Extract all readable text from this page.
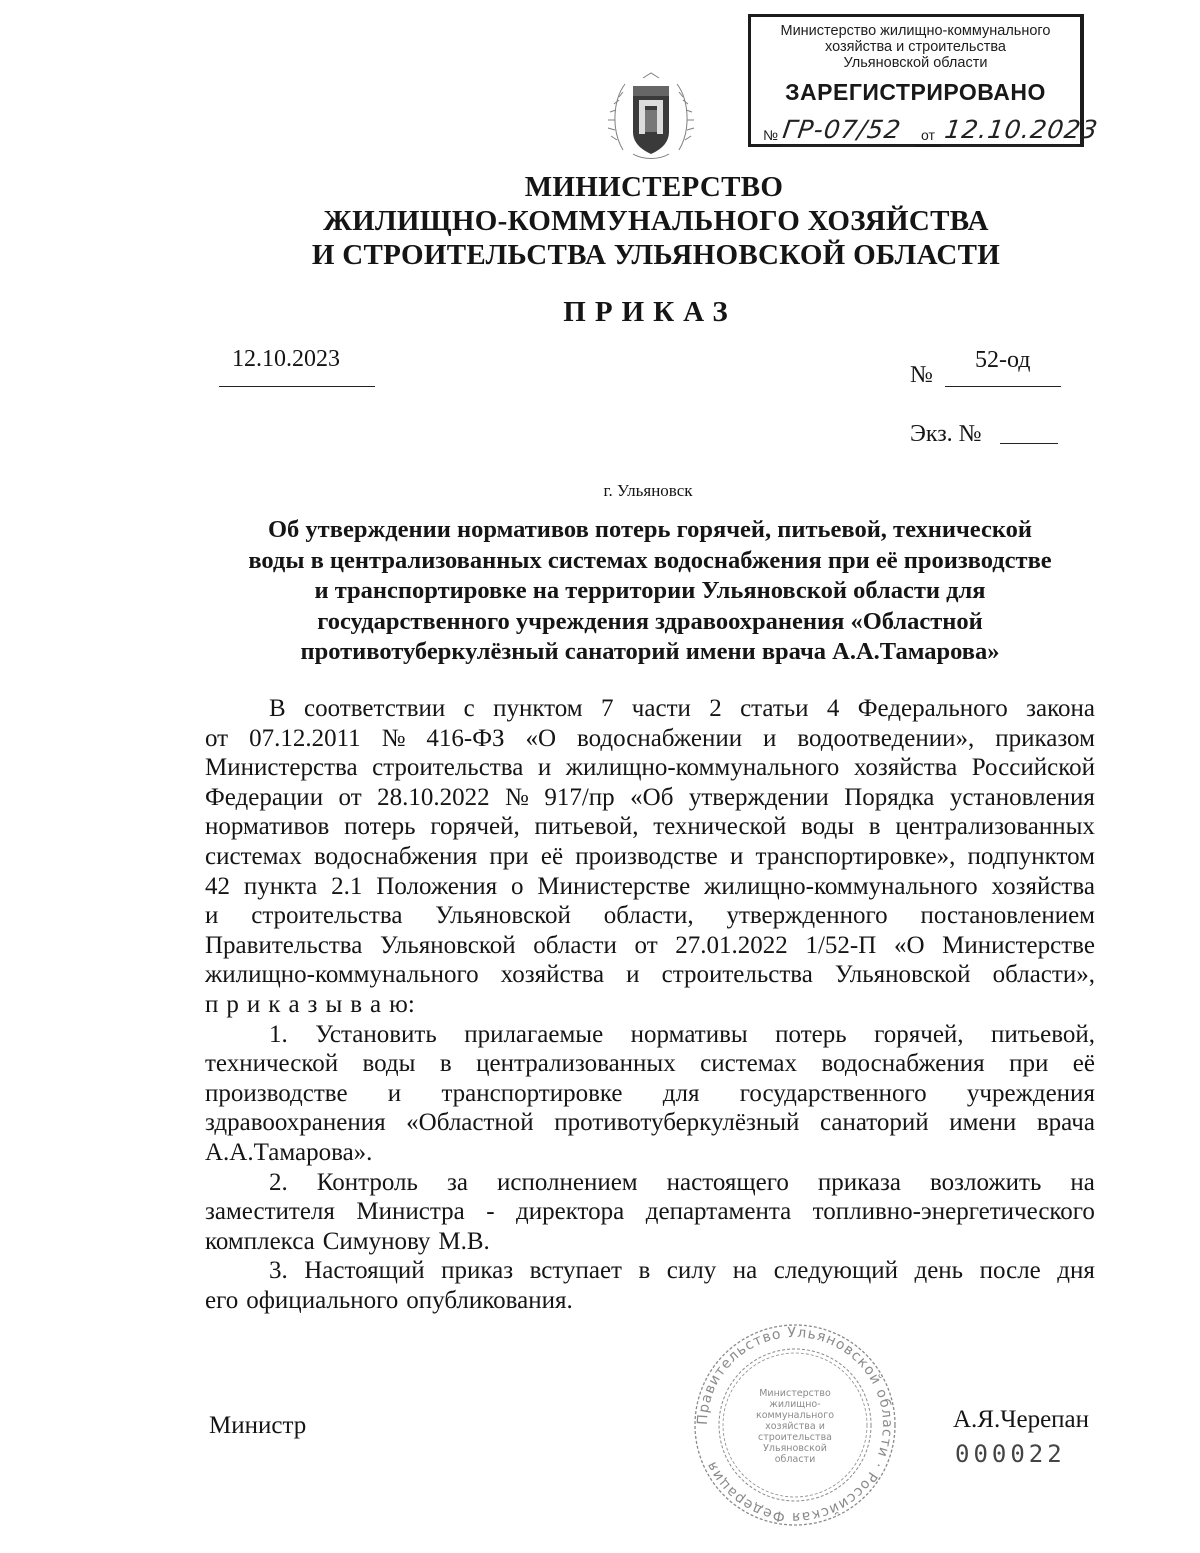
Министерство жилищно-коммунального
хозяйства и строительства
Ульяновской области
ЗАРЕГИСТРИРОВАНО
№ ГР-07/52 от 12.10.2023
МИНИСТЕРСТВО
ЖИЛИЩНО-КОММУНАЛЬНОГО ХОЗЯЙСТВА
И СТРОИТЕЛЬСТВА УЛЬЯНОВСКОЙ ОБЛАСТИ
ПРИКАЗ
12.10.2023
№
52-од
Экз. №
г. Ульяновск
Об утверждении нормативов потерь горячей, питьевой, технической
воды в централизованных системах водоснабжения при её производстве
и транспортировке на территории Ульяновской области для
государственного учреждения здравоохранения «Областной
противотуберкулёзный санаторий имени врача А.А.Тамарова»
В соответствии с пунктом 7 части 2 статьи 4 Федерального закона
от 07.12.2011 № 416-ФЗ «О водоснабжении и водоотведении», приказом
Министерства строительства и жилищно-коммунального хозяйства Российской
Федерации от 28.10.2022 № 917/пр «Об утверждении Порядка установления
нормативов потерь горячей, питьевой, технической воды в централизованных
системах водоснабжения при её производстве и транспортировке», подпунктом
42 пункта 2.1 Положения о Министерстве жилищно-коммунального хозяйства
и строительства Ульяновской области, утвержденного постановлением
Правительства Ульяновской области от 27.01.2022 1/52-П «О Министерстве
жилищно-коммунального хозяйства и строительства Ульяновской области»,
п р и к а з ы в а ю:
1. Установить прилагаемые нормативы потерь горячей, питьевой,
технической воды в централизованных системах водоснабжения при её
производстве и транспортировке для государственного учреждения
здравоохранения «Областной противотуберкулёзный санаторий имени врача
А.А.Тамарова».
2. Контроль за исполнением настоящего приказа возложить на
заместителя Министра - директора департамента топливно-энергетического
комплекса Симунову М.В.
3. Настоящий приказ вступает в силу на следующий день после дня
его официального опубликования.
Правительство Ульяновской области · Российская Федерация
Министерство жилищно-коммунального хозяйства и строительства Ульяновской области
Министр	А.Я.Черепан
000022
